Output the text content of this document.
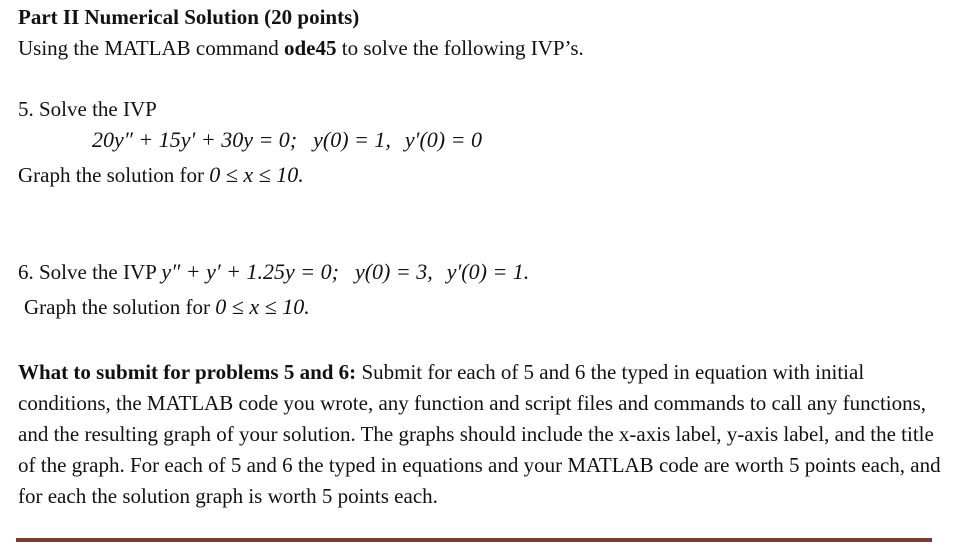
Part II Numerical Solution (20 points)
Using the MATLAB command ode45 to solve the following IVP’s.
5. Solve the IVP
20y″ + 15y′ + 30y = 0; y(0) = 1, y′(0) = 0
Graph the solution for 0 ≤ x ≤ 10.
6. Solve the IVP y″ + y′ + 1.25y = 0; y(0) = 3, y′(0) = 1.
Graph the solution for 0 ≤ x ≤ 10.
What to submit for problems 5 and 6: Submit for each of 5 and 6 the typed in equation with initial conditions, the MATLAB code you wrote, any function and script files and commands to call any functions, and the resulting graph of your solution. The graphs should include the x-axis label, y-axis label, and the title of the graph. For each of 5 and 6 the typed in equations and your MATLAB code are worth 5 points each, and for each the solution graph is worth 5 points each.
